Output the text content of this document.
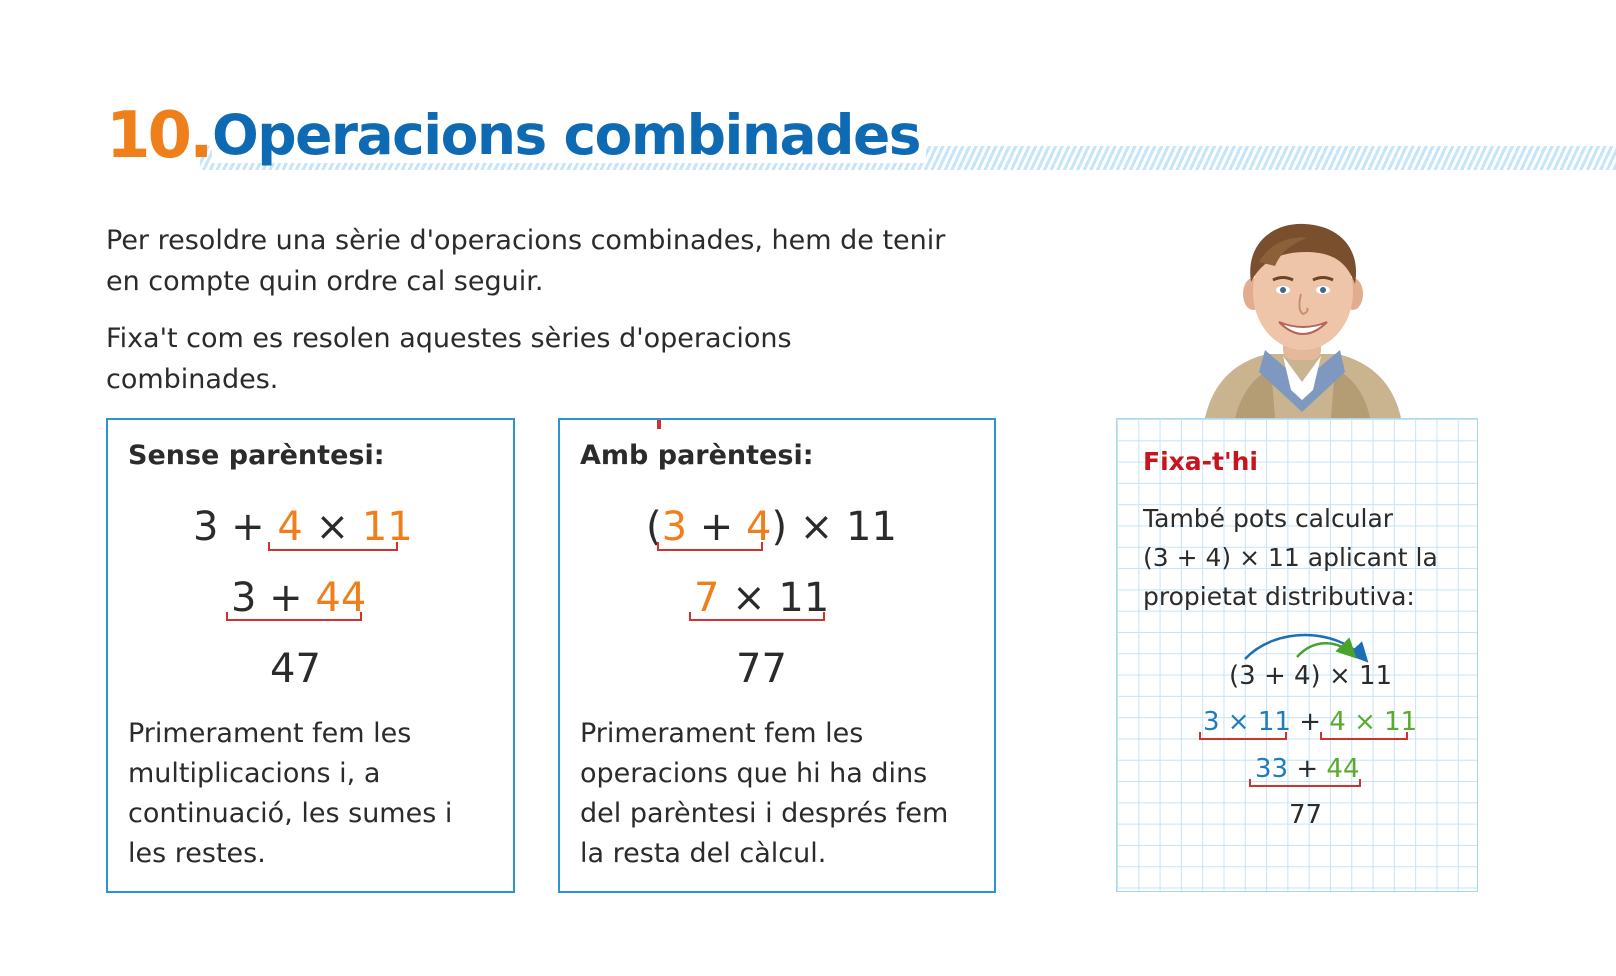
10. Operacions combinades
Per resoldre una sèrie d'operacions combinades, hem de tenir
en compte quin ordre cal seguir.
Fixa't com es resolen aquestes sèries d'operacions
combinades.
Sense parèntesi:
3 + 4 × 11
3 + 44
47
Primerament fem les
multiplicacions i, a
continuació, les sumes i
les restes.
Amb parèntesi:
(3 + 4) × 11
7 × 11
77
Primerament fem les
operacions que hi ha dins
del parèntesi i després fem
la resta del càlcul.
Fixa-t'hi
També pots calcular
(3 + 4) × 11 aplicant la
propietat distributiva:
(3 + 4) × 11
3 × 11 + 4 × 11
33 + 44
77
